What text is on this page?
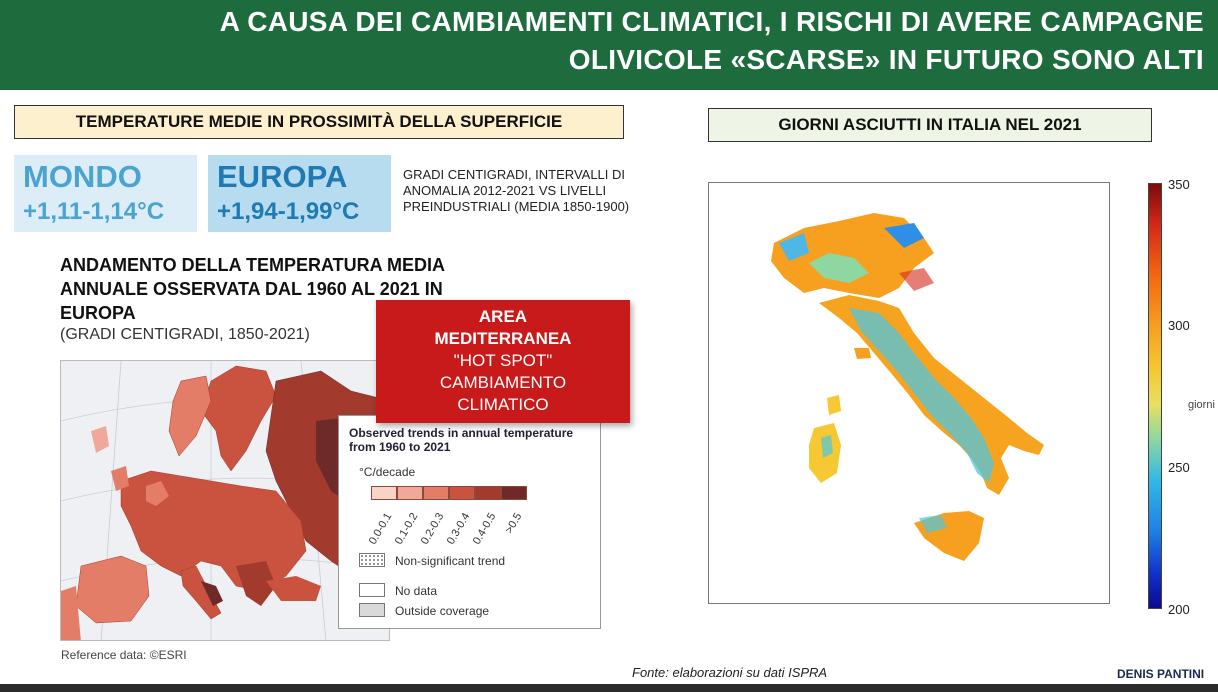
A CAUSA DEI CAMBIAMENTI CLIMATICI, I RISCHI DI AVERE CAMPAGNE
OLIVICOLE «SCARSE» IN FUTURO SONO ALTI
TEMPERATURE MEDIE IN PROSSIMITÀ DELLA SUPERFICIE	GIORNI ASCIUTTI IN ITALIA NEL 2021
MONDO
+1,11-1,14°C
EUROPA
+1,94-1,99°C
GRADI CENTIGRADI, INTERVALLI DI ANOMALIA 2012-2021 VS LIVELLI PREINDUSTRIALI (MEDIA 1850-1900)
ANDAMENTO DELLA TEMPERATURA MEDIA ANNUALE OSSERVATA DAL 1960 AL 2021 IN EUROPA
(GRADI CENTIGRADI, 1850-2021)
Reference data: ©ESRI
Observed trends in annual temperature from 1960 to 2021
°C/decade
0.0-0.1
0.1-0.2
0.2-0.3
0.3-0.4
0.4-0.5 >0.5
Non-significant trend
No data
Outside coverage
AREA
MEDITERRANEA
"HOT SPOT"
CAMBIAMENTO
CLIMATICO
350
300
250
200
giorni
Fonte: elaborazioni su dati ISPRA	DENIS PANTINI
